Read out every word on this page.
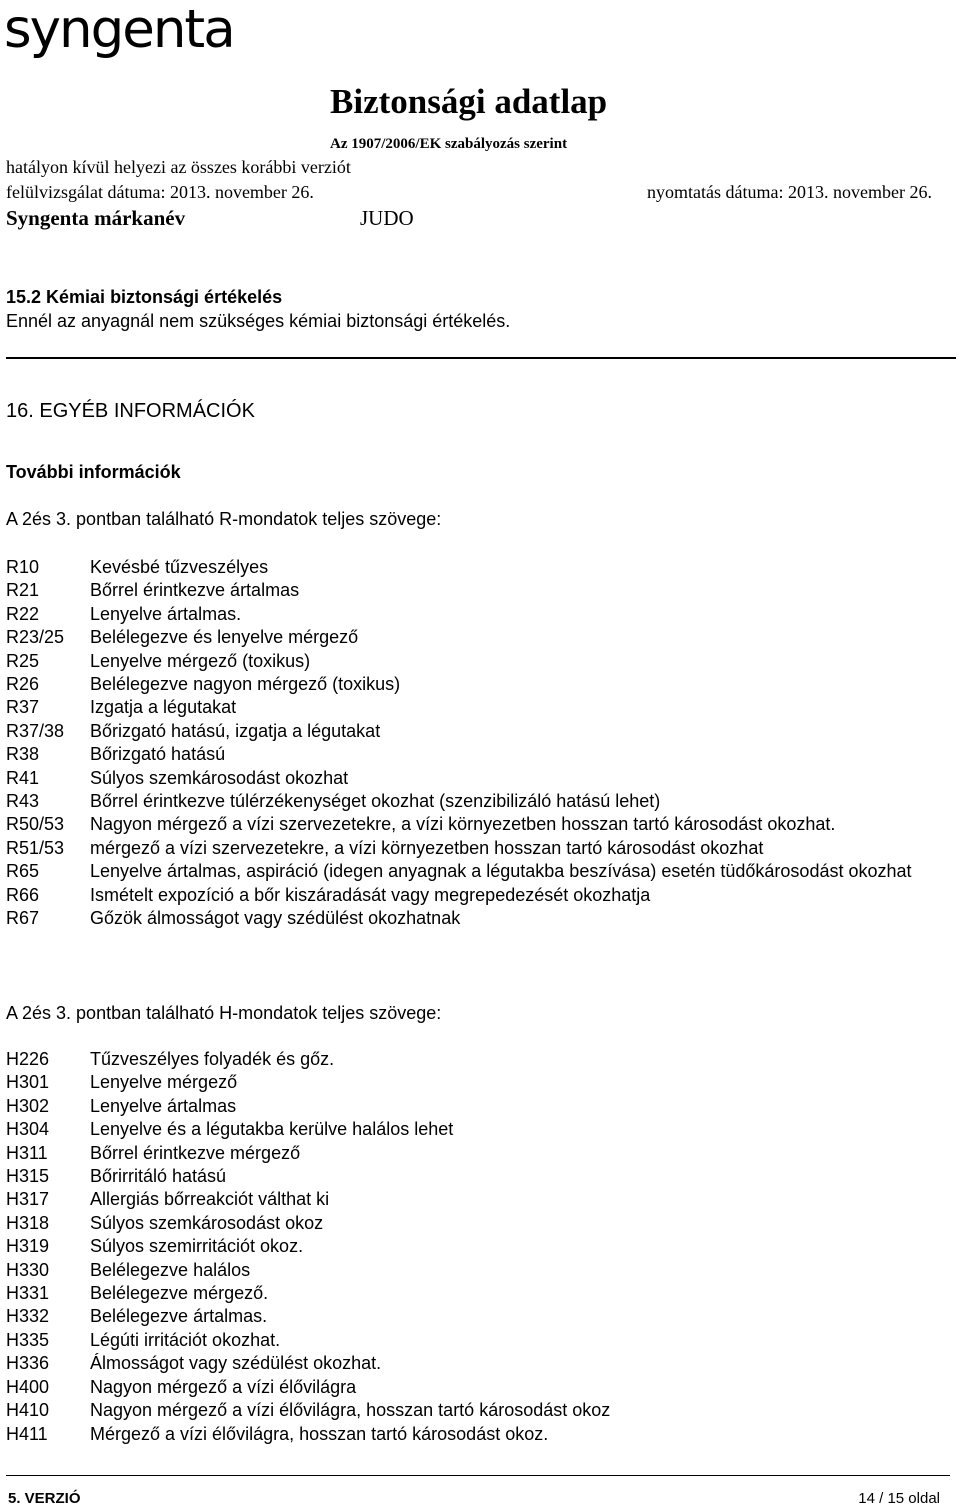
syngenta
Biztonsági adatlap
Az 1907/2006/EK szabályozás szerint
hatályon kívül helyezi az összes korábbi verziót
felülvizsgálat dátuma: 2013. november 26.	nyomtatás dátuma: 2013. november 26.
Syngenta márkanév	JUDO
15.2 Kémiai biztonsági értékelés
Ennél az anyagnál nem szükséges kémiai biztonsági értékelés.
16. EGYÉB INFORMÁCIÓK
További információk
A 2és 3. pontban található R-mondatok teljes szövege:
R10	Kevésbé tűzveszélyes
R21	Bőrrel érintkezve ártalmas
R22	Lenyelve ártalmas.
R23/25	Belélegezve és lenyelve mérgező
R25	Lenyelve mérgező (toxikus)
R26	Belélegezve nagyon mérgező (toxikus)
R37	Izgatja a légutakat
R37/38	Bőrizgató hatású, izgatja a légutakat
R38	Bőrizgató hatású
R41	Súlyos szemkárosodást okozhat
R43	Bőrrel érintkezve túlérzékenységet okozhat (szenzibilizáló hatású lehet)
R50/53	Nagyon mérgező a vízi szervezetekre, a vízi környezetben hosszan tartó károsodást okozhat.
R51/53	mérgező a vízi szervezetekre, a vízi környezetben hosszan tartó károsodást okozhat
R65	Lenyelve ártalmas, aspiráció (idegen anyagnak a légutakba beszívása) esetén tüdőkárosodást okozhat
R66	Ismételt expozíció a bőr kiszáradását vagy megrepedezését okozhatja
R67	Gőzök álmosságot vagy szédülést okozhatnak
A 2és 3. pontban található H-mondatok teljes szövege:
H226	Tűzveszélyes folyadék és gőz.
H301	Lenyelve mérgező
H302	Lenyelve ártalmas
H304	Lenyelve és a légutakba kerülve halálos lehet
H311	Bőrrel érintkezve mérgező
H315	Bőrirritáló hatású
H317	Allergiás bőrreakciót válthat ki
H318	Súlyos szemkárosodást okoz
H319	Súlyos szemirritációt okoz.
H330	Belélegezve halálos
H331	Belélegezve mérgező.
H332	Belélegezve ártalmas.
H335	Légúti irritációt okozhat.
H336	Álmosságot vagy szédülést okozhat.
H400	Nagyon mérgező a vízi élővilágra
H410	Nagyon mérgező a vízi élővilágra, hosszan tartó károsodást okoz
H411	Mérgező a vízi élővilágra, hosszan tartó károsodást okoz.
5. VERZIÓ	14 / 15 oldal
